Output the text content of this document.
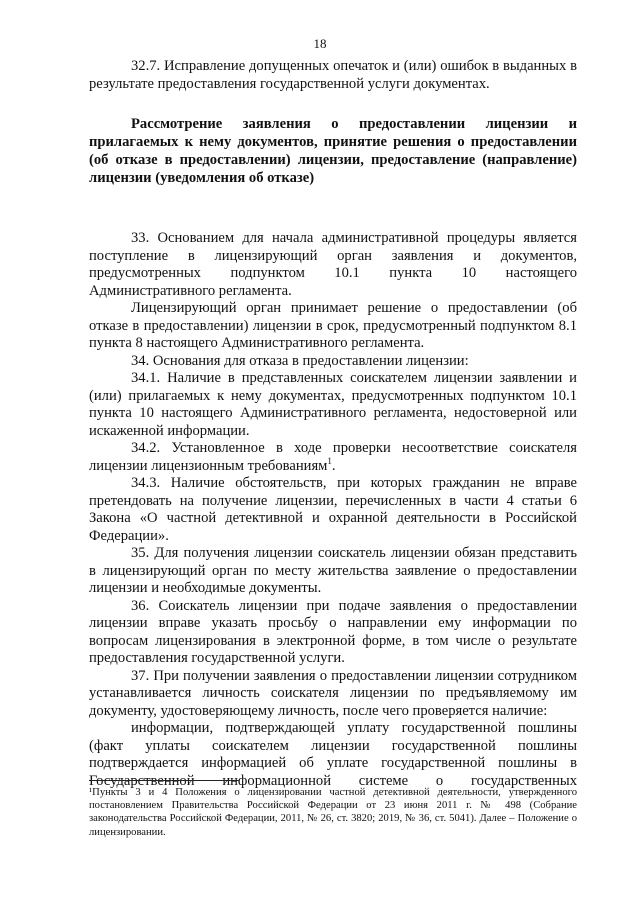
18

32.7. Исправление допущенных опечаток и (или) ошибок в выданных в результате предоставления государственной услуги документах.

Рассмотрение заявления о предоставлении лицензии и прилагаемых к нему документов, принятие решения о предоставлении (об отказе в предоставлении) лицензии, предоставление (направление) лицензии (уведомления об отказе)

33. Основанием для начала административной процедуры является поступление в лицензирующий орган заявления и документов, предусмотренных подпунктом 10.1 пункта 10 настоящего Административного регламента.

Лицензирующий орган принимает решение о предоставлении (об отказе в предоставлении) лицензии в срок, предусмотренный подпунктом 8.1 пункта 8 настоящего Административного регламента.

34. Основания для отказа в предоставлении лицензии:

34.1. Наличие в представленных соискателем лицензии заявлении и (или) прилагаемых к нему документах, предусмотренных подпунктом 10.1 пункта 10 настоящего Административного регламента, недостоверной или искаженной информации.

34.2. Установленное в ходе проверки несоответствие соискателя лицензии лицензионным требованиям$^1$.

34.3. Наличие обстоятельств, при которых гражданин не вправе претендовать на получение лицензии, перечисленных в части 4 статьи 6 Закона «О частной детективной и охранной деятельности в Российской Федерации».

35. Для получения лицензии соискатель лицензии обязан представить в лицензирующий орган по месту жительства заявление о предоставлении лицензии и необходимые документы.

36. Соискатель лицензии при подаче заявления о предоставлении лицензии вправе указать просьбу о направлении ему информации по вопросам лицензирования в электронной форме, в том числе о результате предоставления государственной услуги.

37. При получении заявления о предоставлении лицензии сотрудником устанавливается личность соискателя лицензии по предъявляемому им документу, удостоверяющему личность, после чего проверяется наличие:

информации, подтверждающей уплату государственной пошлины (факт уплаты соискателем лицензии государственной пошлины подтверждается информацией об уплате государственной пошлины в Государственной информационной системе о государственных

¹Пункты 3 и 4 Положения о лицензировании частной детективной деятельности, утвержденного постановлением Правительства Российской Федерации от 23 июня 2011 г. № 498 (Собрание законодательства Российской Федерации, 2011, № 26, ст. 3820; 2019, № 36, ст. 5041). Далее – Положение о лицензировании.
